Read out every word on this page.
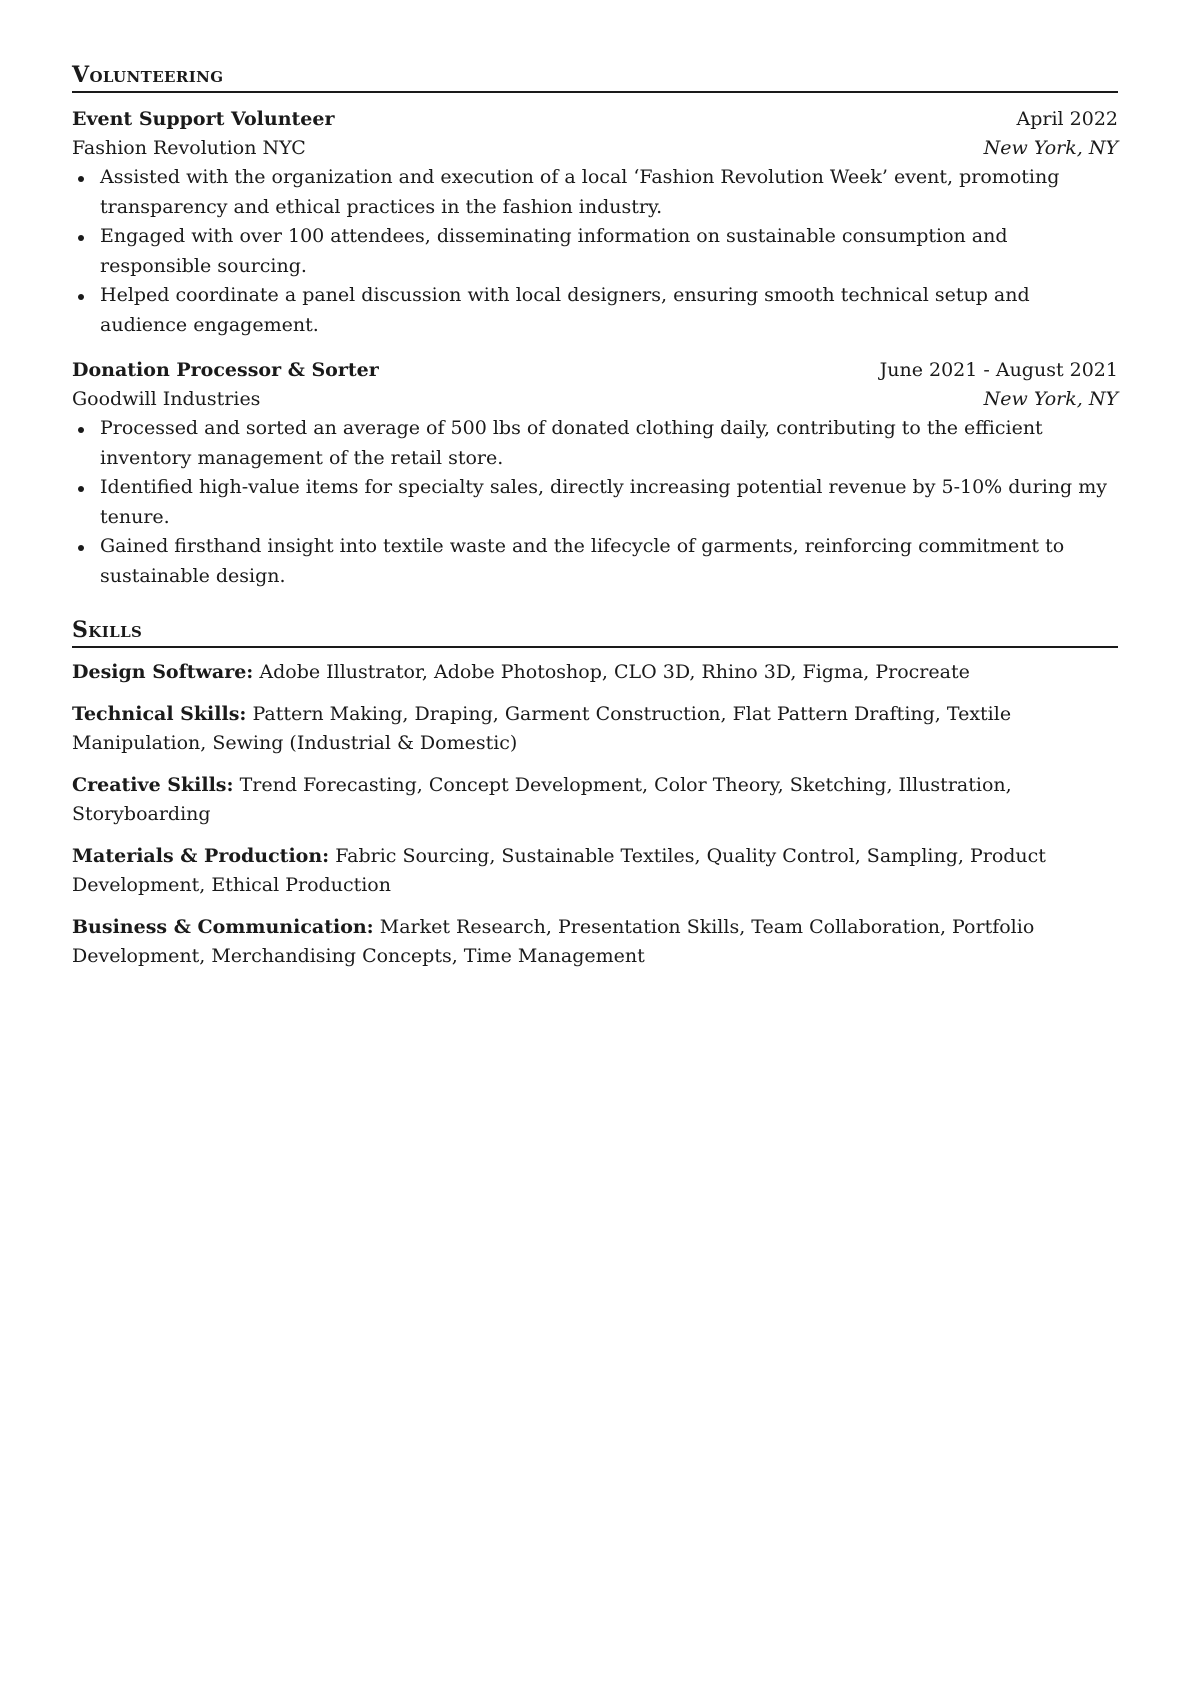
Volunteering
Event Support Volunteer	April 2022
Fashion Revolution NYC	New York, NY
Assisted with the organization and execution of a local ‘Fashion Revolution Week’ event, promoting transparency and ethical practices in the fashion industry.
Engaged with over 100 attendees, disseminating information on sustainable consumption and responsible sourcing.
Helped coordinate a panel discussion with local designers, ensuring smooth technical setup and audience engagement.
Donation Processor & Sorter	June 2021 - August 2021
Goodwill Industries	New York, NY
Processed and sorted an average of 500 lbs of donated clothing daily, contributing to the efficient inventory management of the retail store.
Identified high-value items for specialty sales, directly increasing potential revenue by 5-10% during my tenure.
Gained firsthand insight into textile waste and the lifecycle of garments, reinforcing commitment to sustainable design.
Skills

Design Software: Adobe Illustrator, Adobe Photoshop, CLO 3D, Rhino 3D, Figma, Procreate

Technical Skills: Pattern Making, Draping, Garment Construction, Flat Pattern Drafting, Textile Manipulation, Sewing (Industrial & Domestic)

Creative Skills: Trend Forecasting, Concept Development, Color Theory, Sketching, Illustration, Storyboarding

Materials & Production: Fabric Sourcing, Sustainable Textiles, Quality Control, Sampling, Product Development, Ethical Production

Business & Communication: Market Research, Presentation Skills, Team Collaboration, Portfolio Development, Merchandising Concepts, Time Management
